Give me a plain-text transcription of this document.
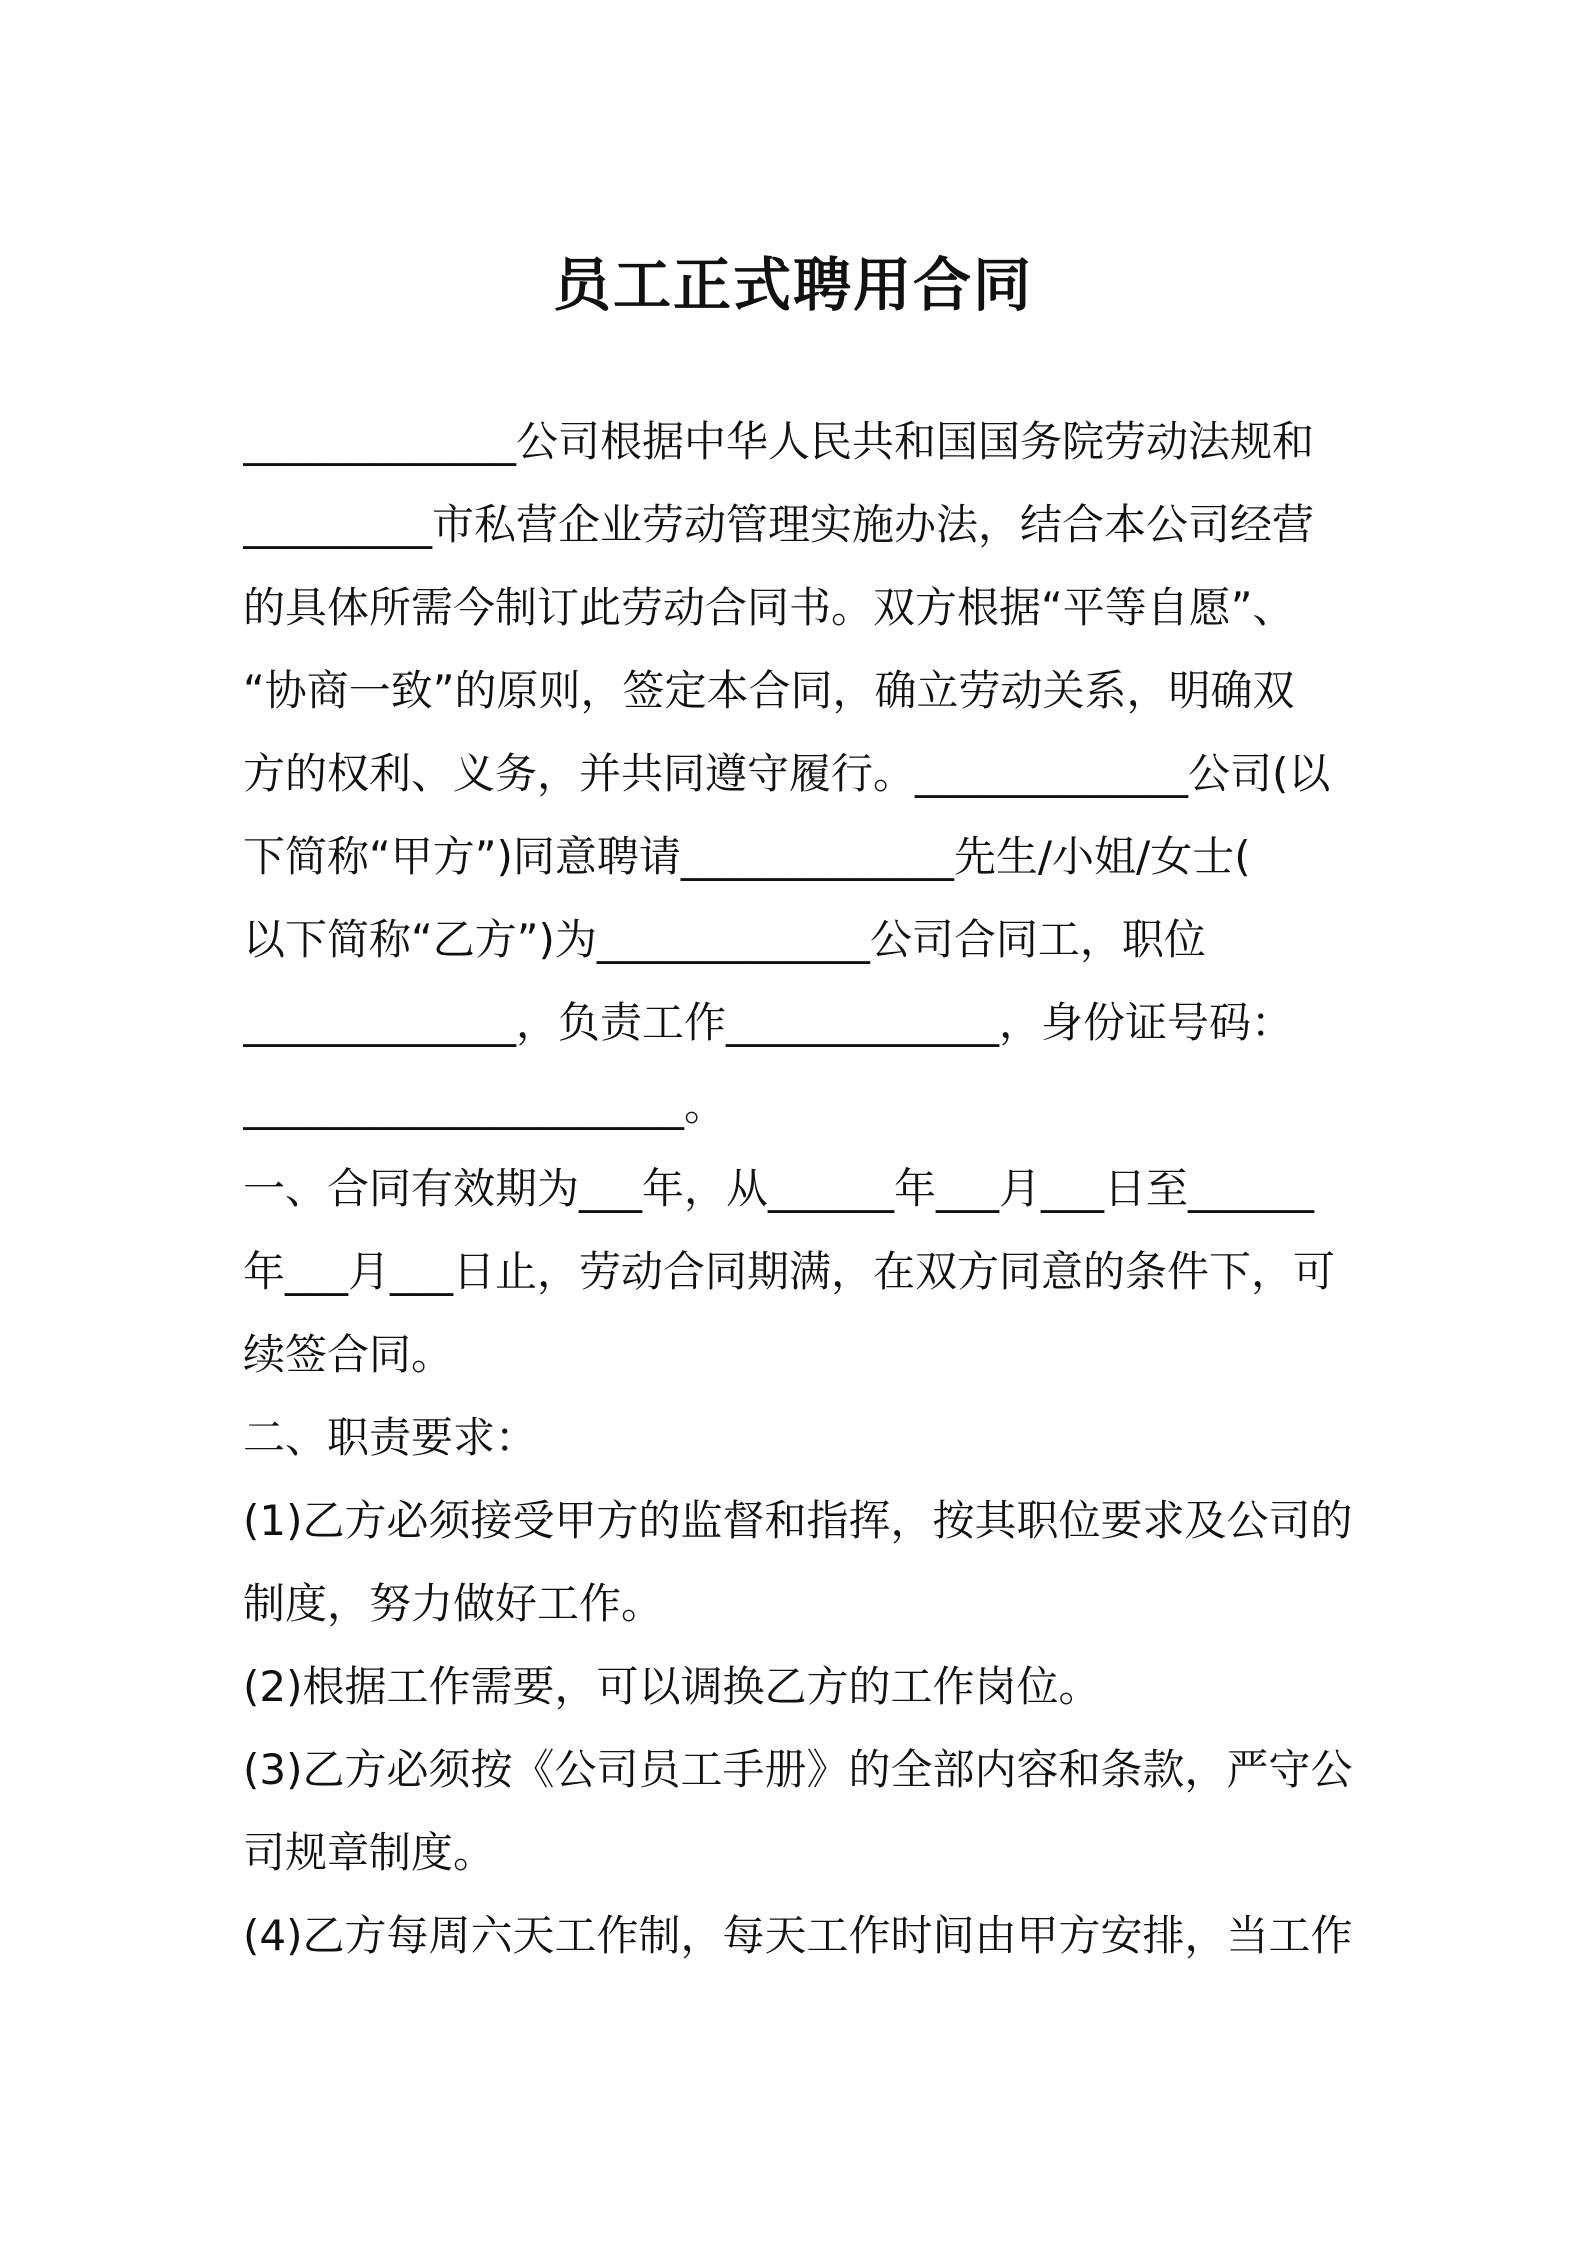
员工正式聘用合同
_____________公司根据中华人民共和国国务院劳动法规和
_________市私营企业劳动管理实施办法，结合本公司经营
的具体所需今制订此劳动合同书。双方根据“平等自愿”、
“协商一致”的原则，签定本合同，确立劳动关系，明确双
方的权利、义务，并共同遵守履行。_____________公司(以
下简称“甲方”)同意聘请_____________先生/小姐/女士(
以下简称“乙方”)为_____________公司合同工，职位
_____________，负责工作_____________，身份证号码：
_____________________。
一、合同有效期为___年，从______年___月___日至______
年___月___日止，劳动合同期满，在双方同意的条件下，可
续签合同。
二、职责要求：
(1)乙方必须接受甲方的监督和指挥，按其职位要求及公司的
制度，努力做好工作。
(2)根据工作需要，可以调换乙方的工作岗位。
(3)乙方必须按《公司员工手册》的全部内容和条款，严守公
司规章制度。
(4)乙方每周六天工作制，每天工作时间由甲方安排，当工作
